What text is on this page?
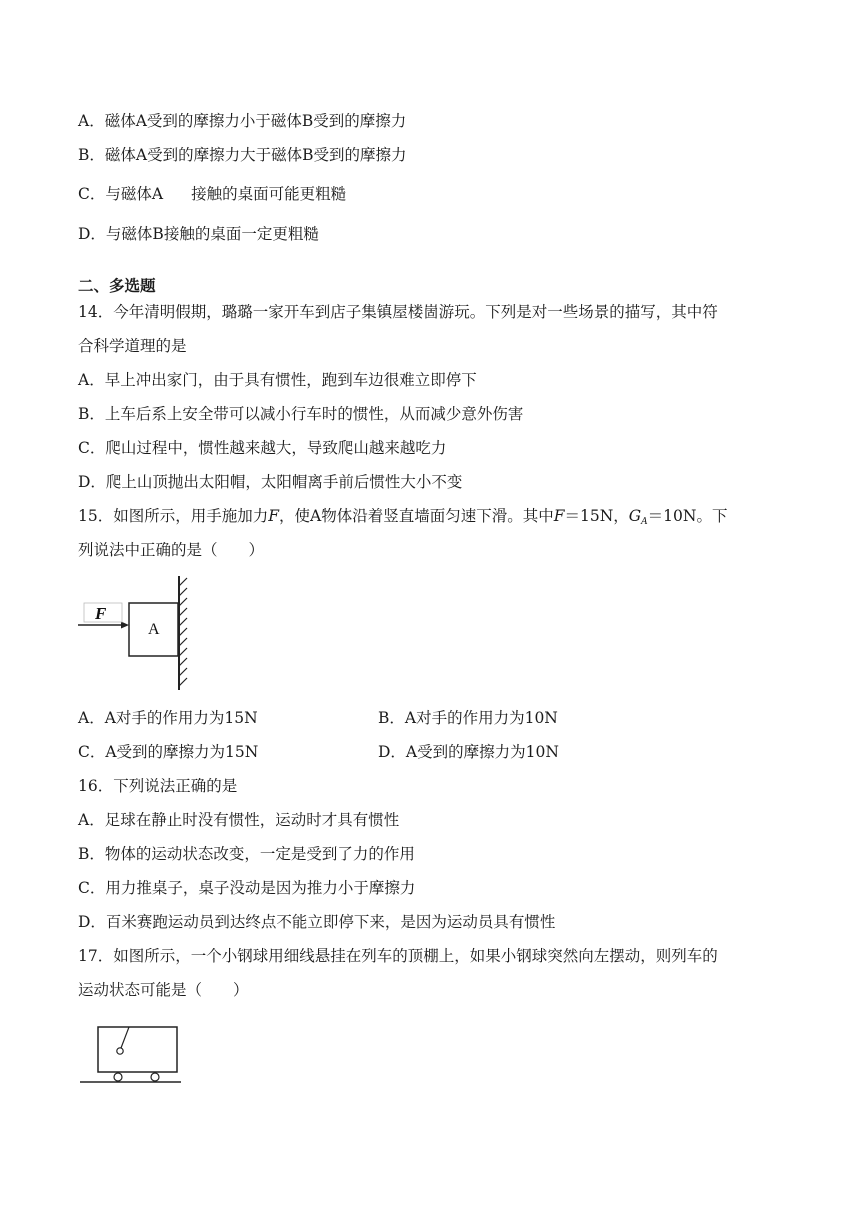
A．磁体A受到的摩擦力小于磁体B受到的摩擦力
B．磁体A受到的摩擦力大于磁体B受到的摩擦力
C．与磁体A 接触的桌面可能更粗糙
D．与磁体B接触的桌面一定更粗糙
二、多选题
14．今年清明假期，璐璐一家开车到店子集镇屋楼崮游玩。下列是对一些场景的描写，其中符
合科学道理的是
A．早上冲出家门，由于具有惯性，跑到车边很难立即停下
B．上车后系上安全带可以减小行车时的惯性，从而减少意外伤害
C．爬山过程中，惯性越来越大，导致爬山越来越吃力
D．爬上山顶抛出太阳帽，太阳帽离手前后惯性大小不变
15．如图所示，用手施加力F，使A物体沿着竖直墙面匀速下滑。其中F＝15N，$G_A=10N$。下
列说法中正确的是（　　）
F
A
A．A对手的作用力为15N	B．A对手的作用力为10N
C．A受到的摩擦力为15N	D．A受到的摩擦力为10N
16．下列说法正确的是
A．足球在静止时没有惯性，运动时才具有惯性
B．物体的运动状态改变，一定是受到了力的作用
C．用力推桌子，桌子没动是因为推力小于摩擦力
D．百米赛跑运动员到达终点不能立即停下来，是因为运动员具有惯性
17．如图所示，一个小钢球用细线悬挂在列车的顶棚上，如果小钢球突然向左摆动，则列车的
运动状态可能是（　　）
